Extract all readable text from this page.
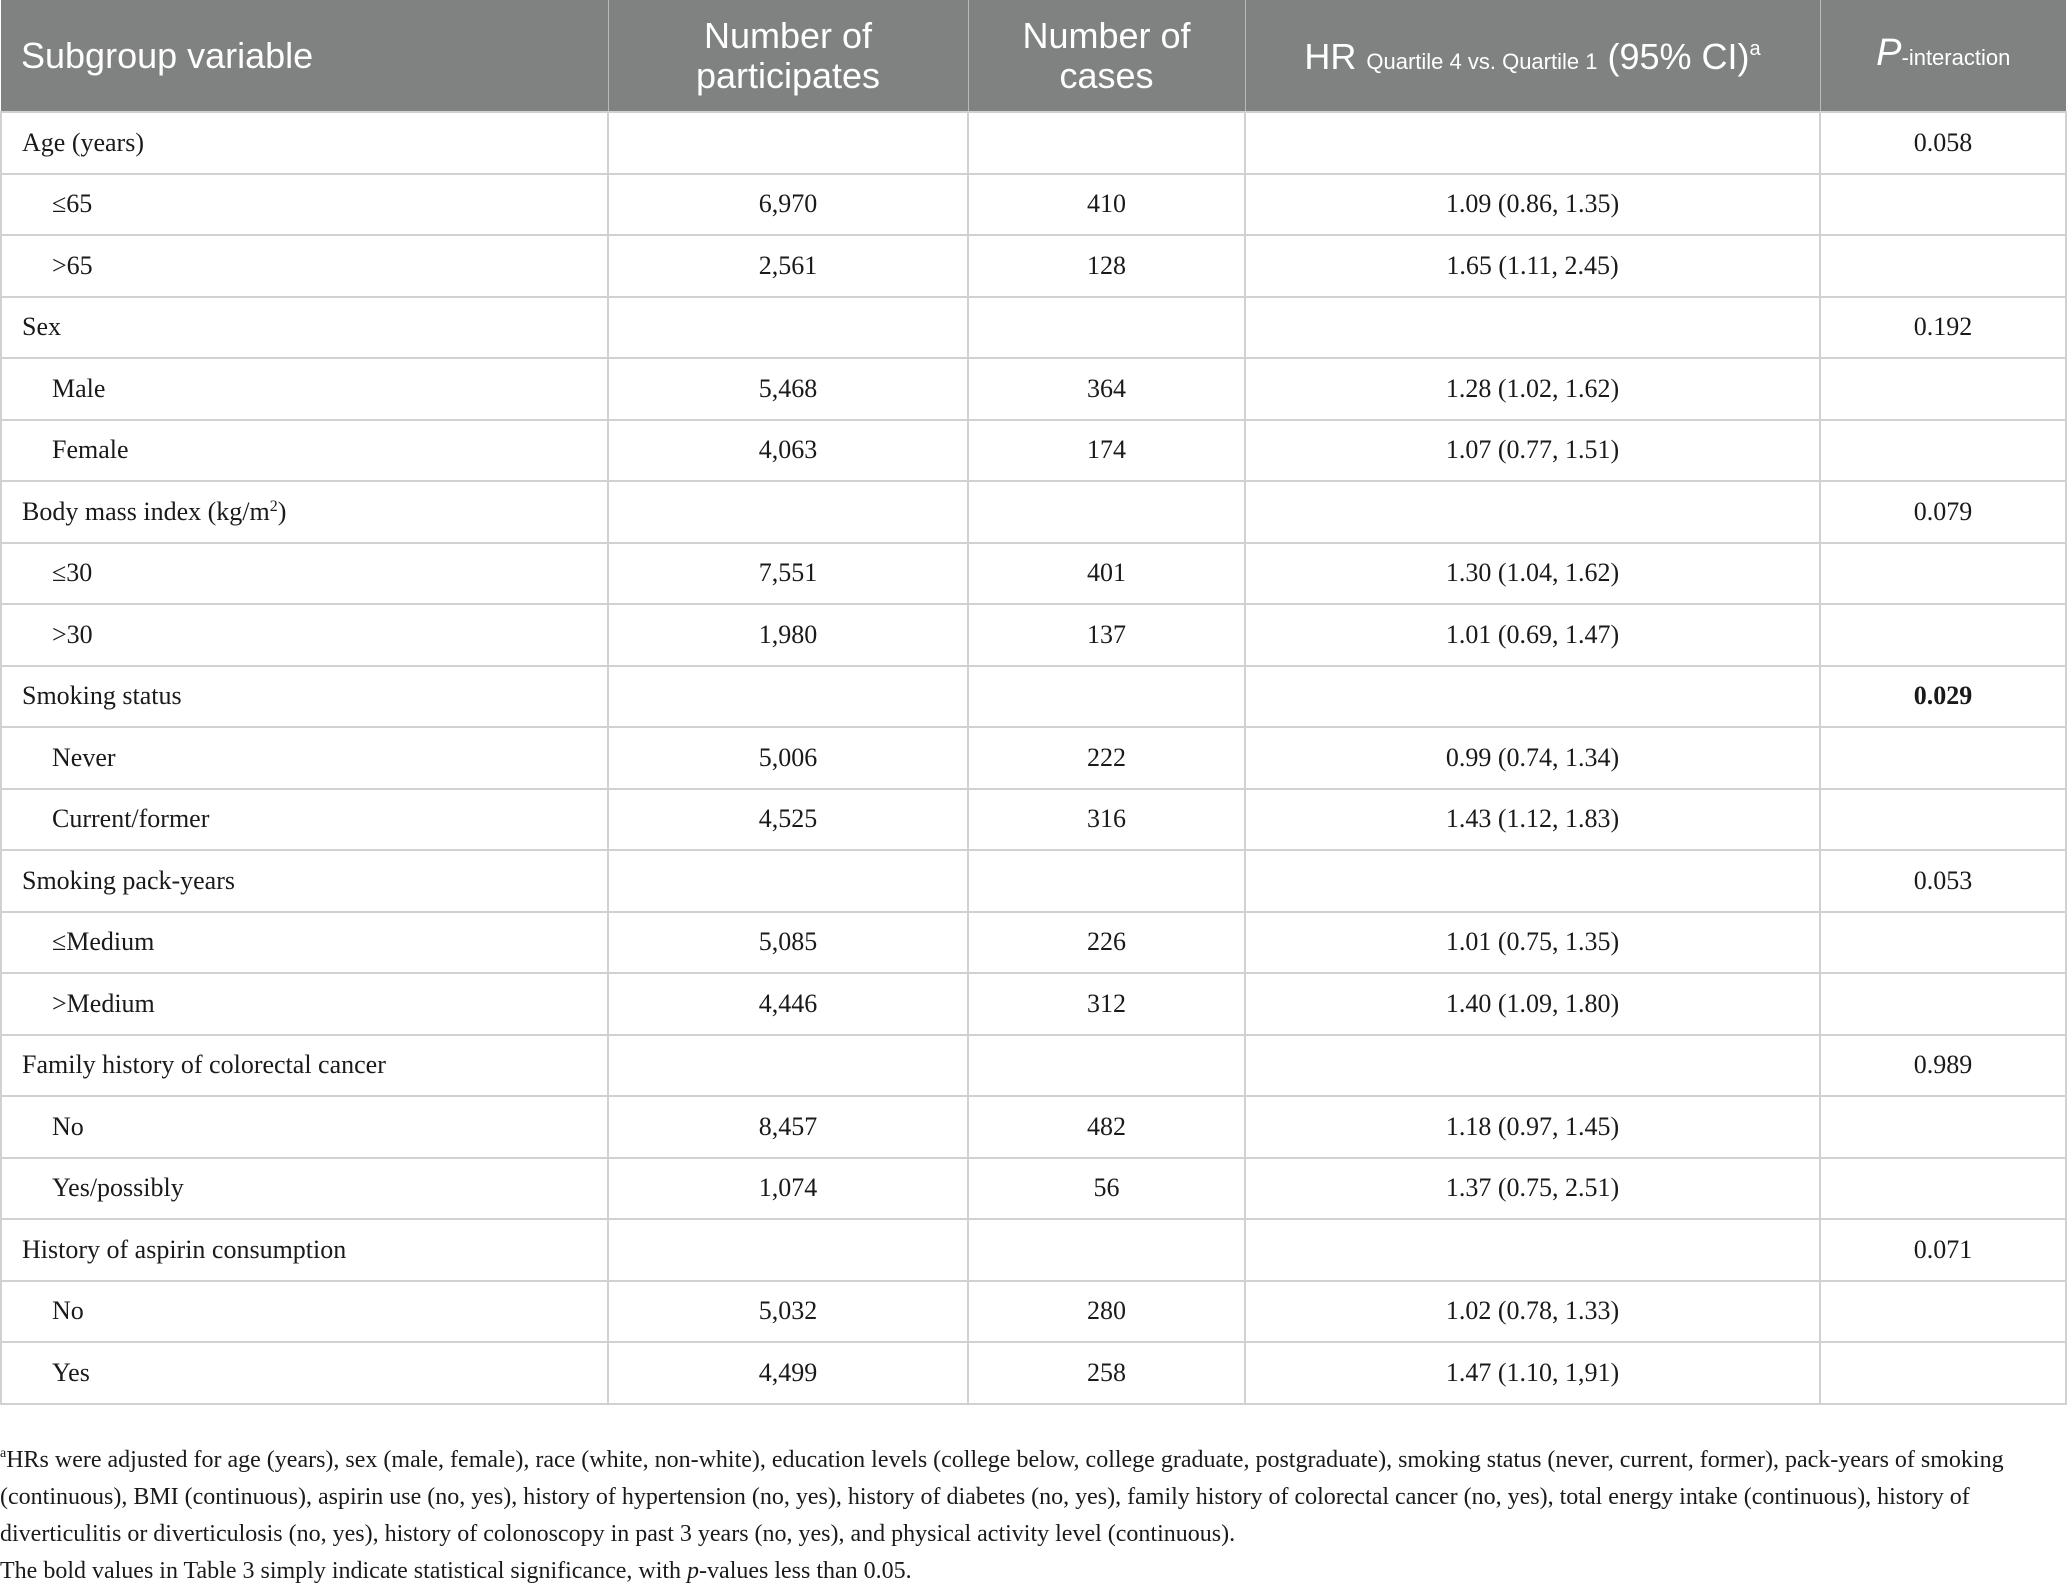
Subgroup variable	Number of participates	Number of cases	HR Quartile 4 vs. Quartile 1 (95% CI)$^a$	P-interaction
Age (years)				0.058
≤65	6,970	410	1.09 (0.86, 1.35)	
>65	2,561	128	1.65 (1.11, 2.45)	
Sex				0.192
Male	5,468	364	1.28 (1.02, 1.62)	
Female	4,063	174	1.07 (0.77, 1.51)	
Body mass index $(kg/m^2)$				0.079
≤30	7,551	401	1.30 (1.04, 1.62)	
>30	1,980	137	1.01 (0.69, 1.47)	
Smoking status				0.029
Never	5,006	222	0.99 (0.74, 1.34)	
Current/former	4,525	316	1.43 (1.12, 1.83)	
Smoking pack-years				0.053
≤Medium	5,085	226	1.01 (0.75, 1.35)	
>Medium	4,446	312	1.40 (1.09, 1.80)	
Family history of colorectal cancer				0.989
No	8,457	482	1.18 (0.97, 1.45)	
Yes/possibly	1,074	56	1.37 (0.75, 2.51)	
History of aspirin consumption				0.071
No	5,032	280	1.02 (0.78, 1.33)	
Yes	4,499	258	1.47 (1.10, 1,91)	

$^a$HRs were adjusted for age (years), sex (male, female), race (white, non-white), education levels (college below, college graduate, postgraduate), smoking status (never, current, former), pack-years of smoking (continuous), BMI (continuous), aspirin use (no, yes), history of hypertension (no, yes), history of diabetes (no, yes), family history of colorectal cancer (no, yes), total energy intake (continuous), history of diverticulitis or diverticulosis (no, yes), history of colonoscopy in past 3 years (no, yes), and physical activity level (continuous).

The bold values in Table 3 simply indicate statistical significance, with p-values less than 0.05.
